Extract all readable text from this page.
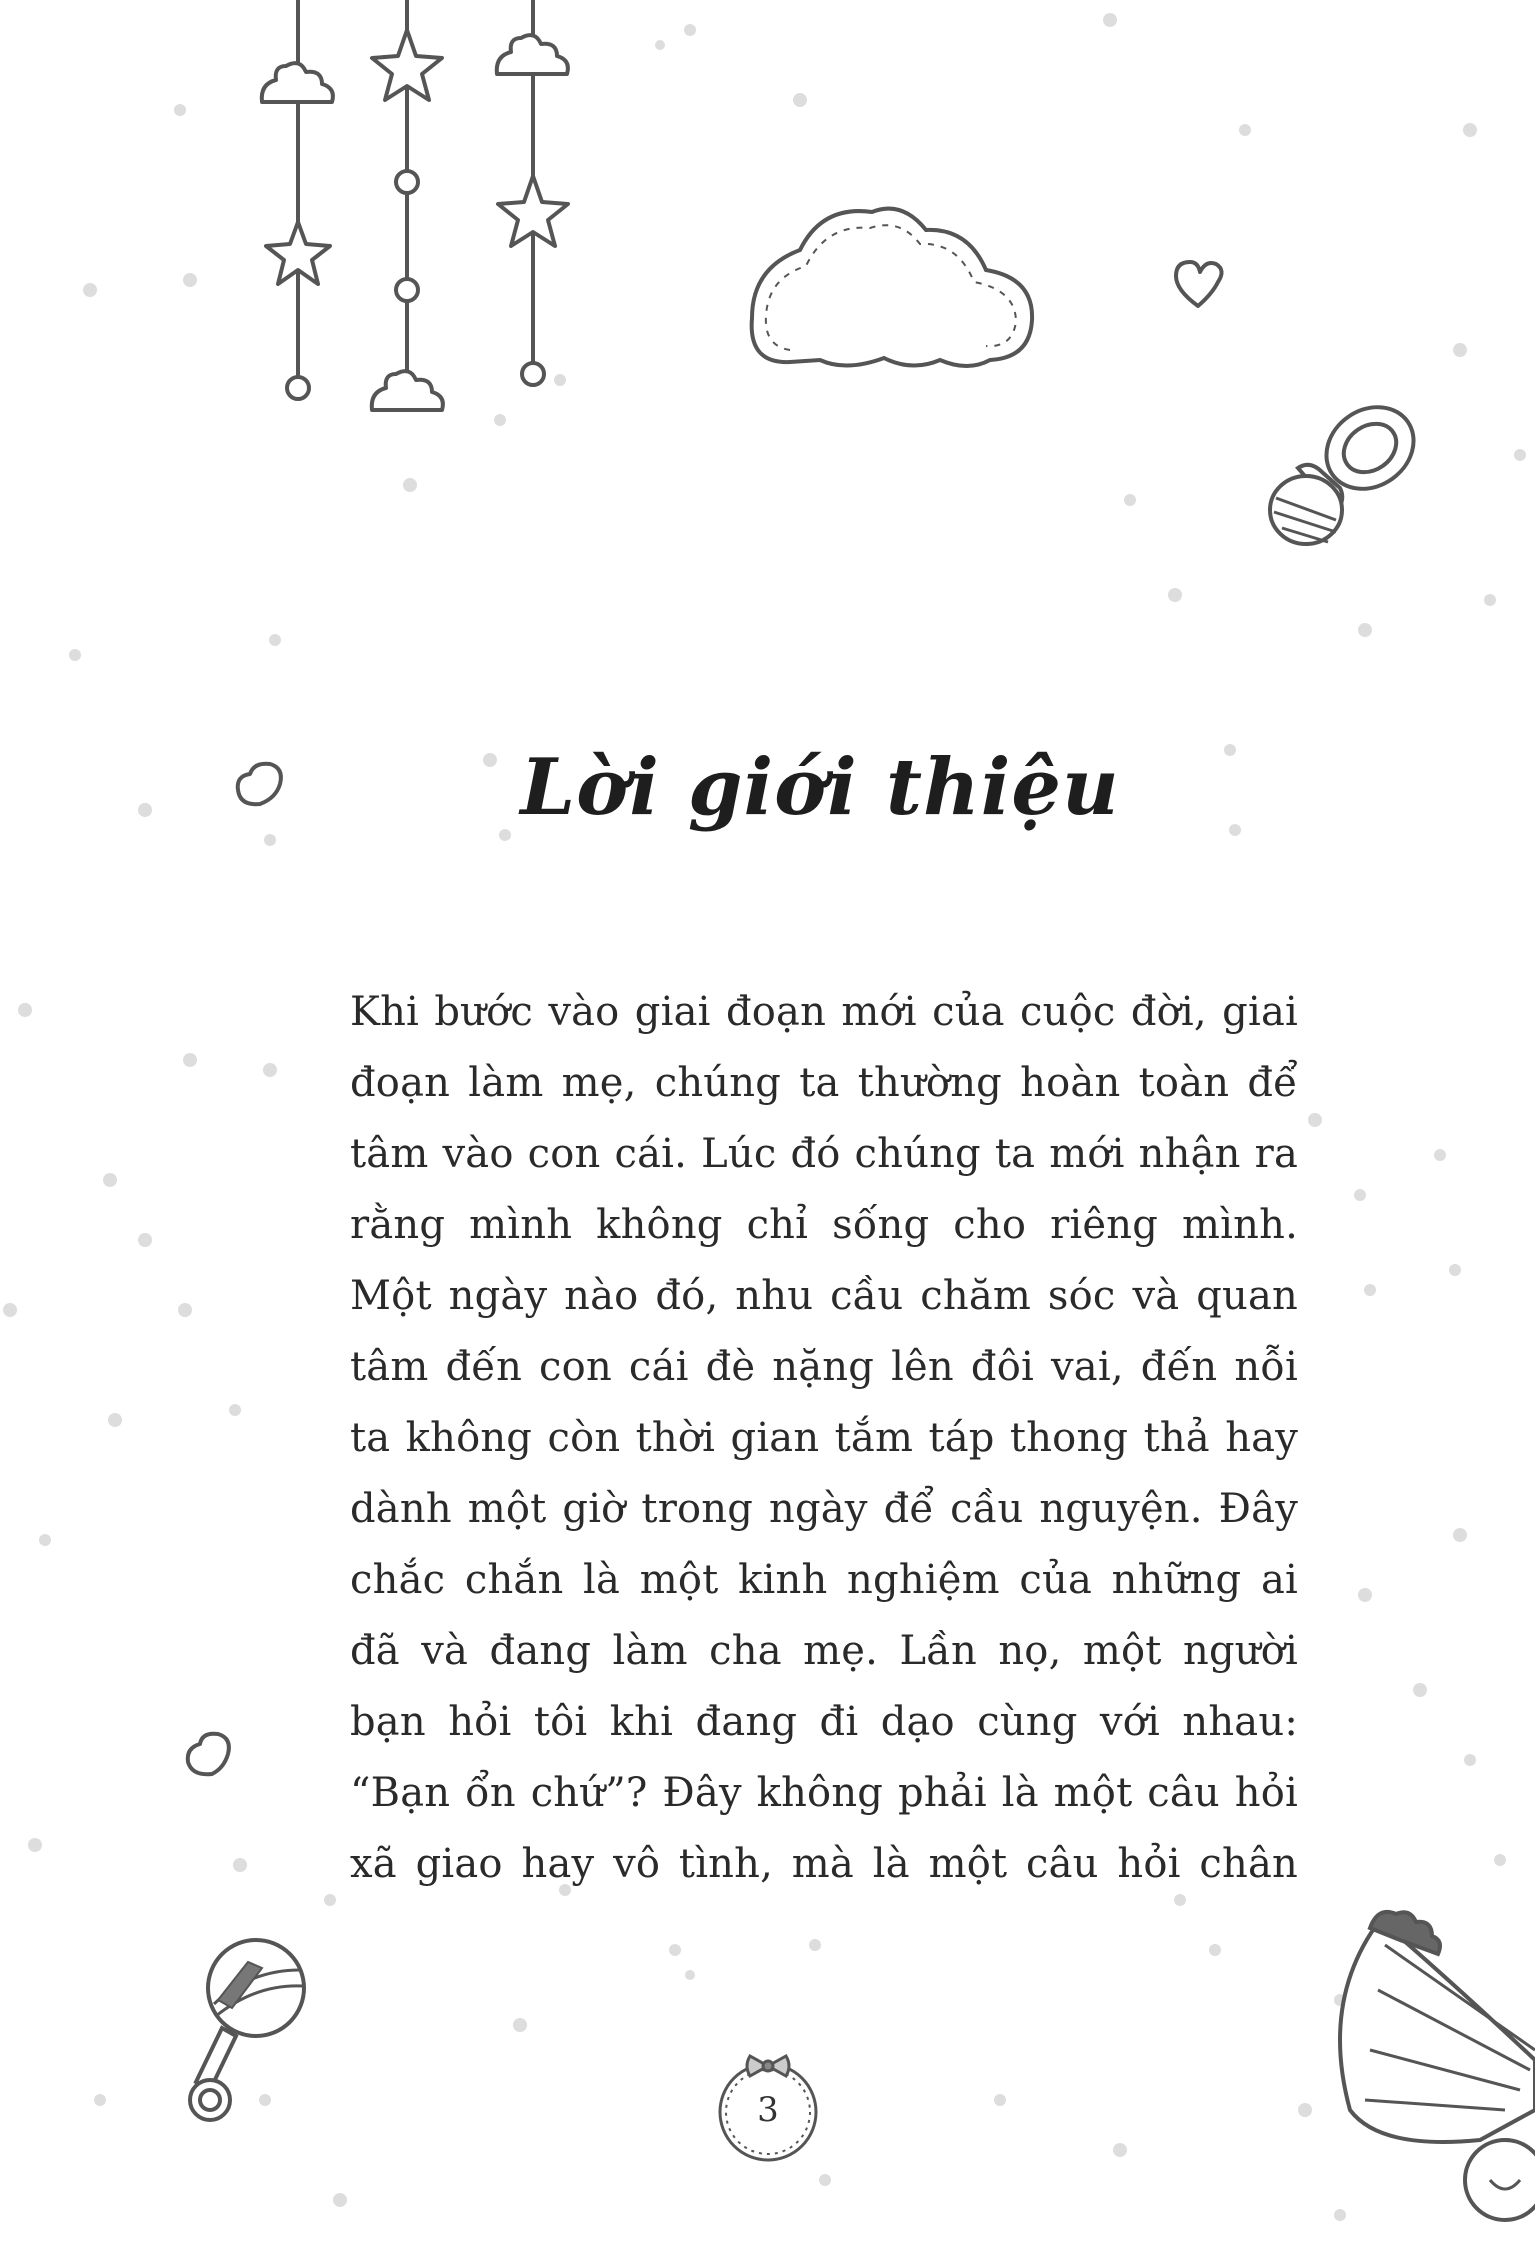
Lời giới thiệu
Khi bước vào giai đoạn mới của cuộc đời, giai
đoạn làm mẹ, chúng ta thường hoàn toàn để
tâm vào con cái. Lúc đó chúng ta mới nhận ra
rằng mình không chỉ sống cho riêng mình.
Một ngày nào đó, nhu cầu chăm sóc và quan
tâm đến con cái đè nặng lên đôi vai, đến nỗi
ta không còn thời gian tắm táp thong thả hay
dành một giờ trong ngày để cầu nguyện. Đây
chắc chắn là một kinh nghiệm của những ai
đã và đang làm cha mẹ. Lần nọ, một người
bạn hỏi tôi khi đang đi dạo cùng với nhau:
“Bạn ổn chứ”? Đây không phải là một câu hỏi
xã giao hay vô tình, mà là một câu hỏi chân
3
